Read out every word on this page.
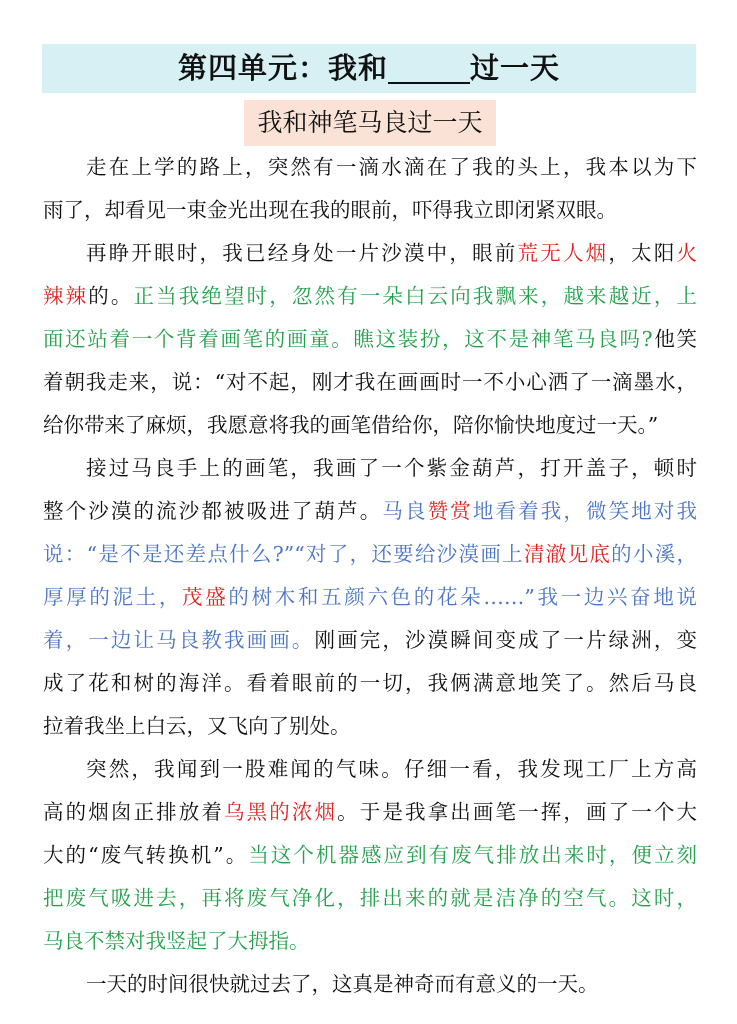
第四单元：我和	过一天
我和神笔马良过一天
走在上学的路上，突然有一滴水滴在了我的头上，我本以为下
雨了，却看见一束金光出现在我的眼前，吓得我立即闭紧双眼。
再睁开眼时，我已经身处一片沙漠中，眼前荒无人烟，太阳火
辣辣的。正当我绝望时，忽然有一朵白云向我飘来，越来越近，上
面还站着一个背着画笔的画童。瞧这装扮，这不是神笔马良吗?他笑
着朝我走来，说：“对不起，刚才我在画画时一不小心洒了一滴墨水，
给你带来了麻烦，我愿意将我的画笔借给你，陪你愉快地度过一天。”
接过马良手上的画笔，我画了一个紫金葫芦，打开盖子，顿时
整个沙漠的流沙都被吸进了葫芦。马良赞赏地看着我，微笑地对我
说：“是不是还差点什么?”“对了，还要给沙漠画上清澈见底的小溪，
厚厚的泥土，茂盛的树木和五颜六色的花朵……”我一边兴奋地说
着，一边让马良教我画画。刚画完，沙漠瞬间变成了一片绿洲，变
成了花和树的海洋。看着眼前的一切，我俩满意地笑了。然后马良
拉着我坐上白云，又飞向了别处。
突然，我闻到一股难闻的气味。仔细一看，我发现工厂上方高
高的烟囱正排放着乌黑的浓烟。于是我拿出画笔一挥，画了一个大
大的“废气转换机”。当这个机器感应到有废气排放出来时，便立刻
把废气吸进去，再将废气净化，排出来的就是洁净的空气。这时，
马良不禁对我竖起了大拇指。
一天的时间很快就过去了，这真是神奇而有意义的一天。
